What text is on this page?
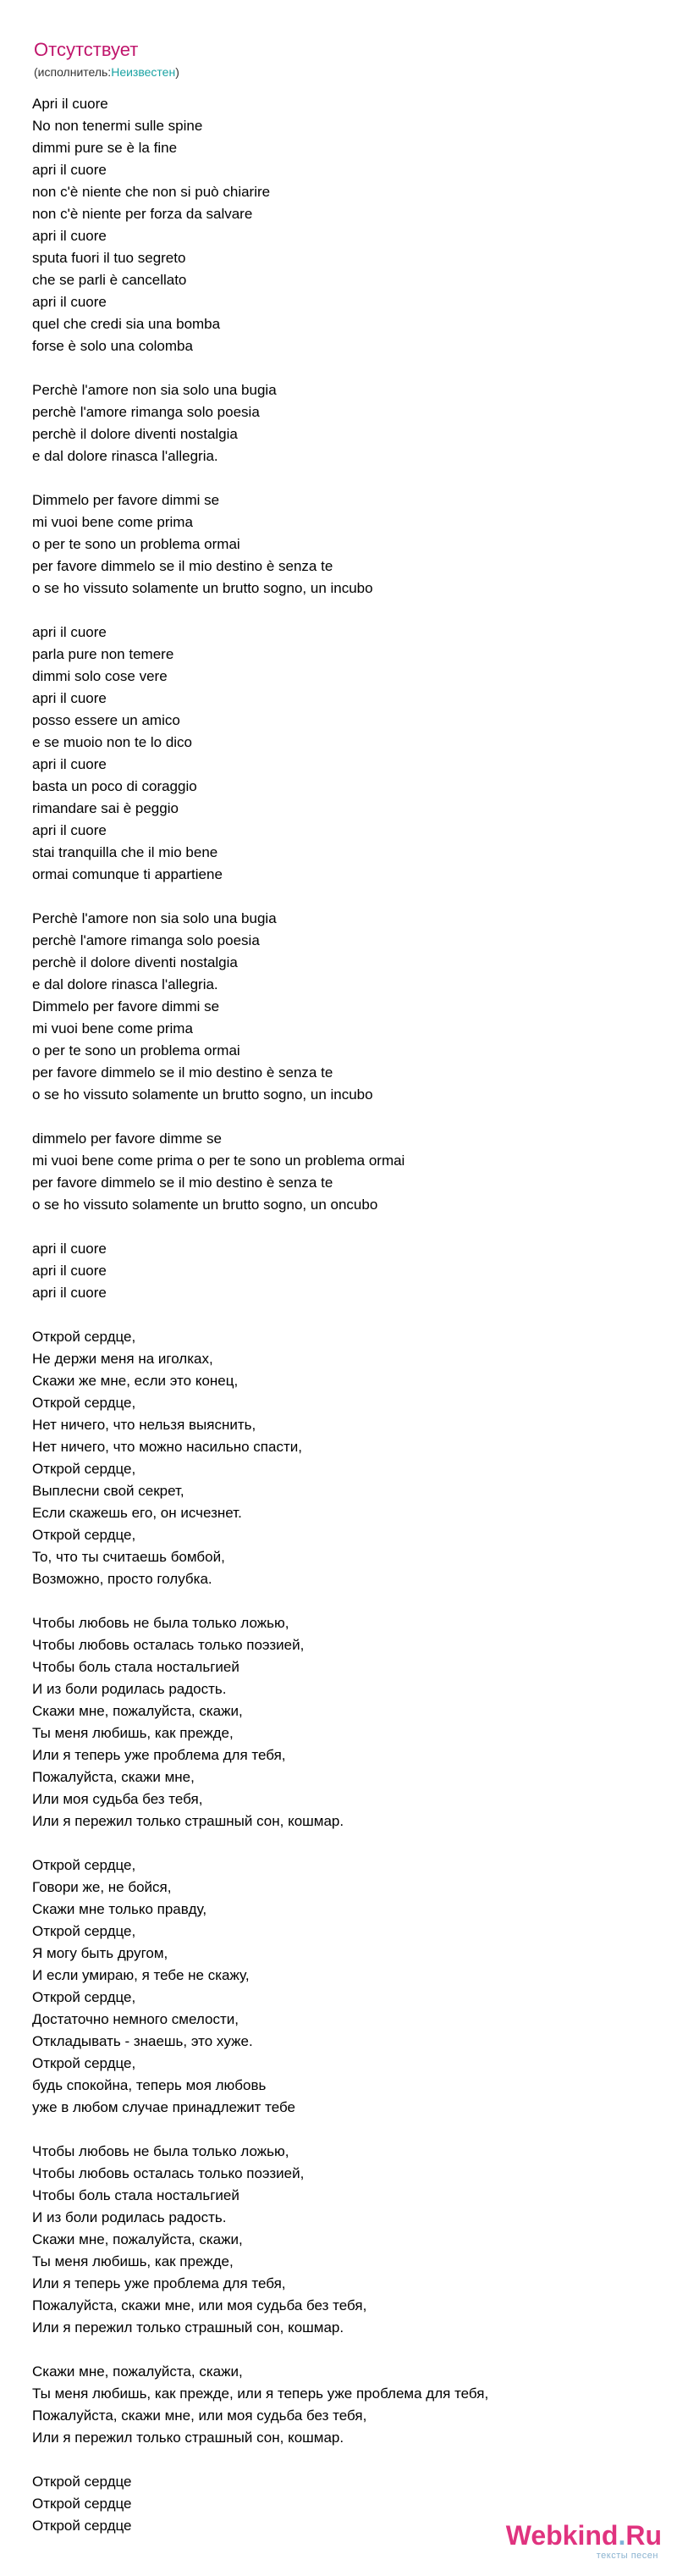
Отсутствует
(исполнитель:Неизвестен)
Apri il cuore
No non tenermi sulle spine
dimmi pure se è la fine
apri il cuore
non c'è niente che non si può chiarire
non c'è niente per forza da salvare
apri il cuore
sputa fuori il tuo segreto
che se parli è cancellato
apri il cuore
quel che credi sia una bomba
forse è solo una colomba
Perchè l'amore non sia solo una bugia
perchè l'amore rimanga solo poesia
perchè il dolore diventi nostalgia
e dal dolore rinasca l'allegria.
Dimmelo per favore dimmi se
mi vuoi bene come prima
o per te sono un problema ormai
per favore dimmelo se il mio destino è senza te
o se ho vissuto solamente un brutto sogno, un incubo
apri il cuore
parla pure non temere
dimmi solo cose vere
apri il cuore
posso essere un amico
e se muoio non te lo dico
apri il cuore
basta un poco di coraggio
rimandare sai è peggio
apri il cuore
stai tranquilla che il mio bene
ormai comunque ti appartiene
Perchè l'amore non sia solo una bugia
perchè l'amore rimanga solo poesia
perchè il dolore diventi nostalgia
e dal dolore rinasca l'allegria.
Dimmelo per favore dimmi se
mi vuoi bene come prima
o per te sono un problema ormai
per favore dimmelo se il mio destino è senza te
o se ho vissuto solamente un brutto sogno, un incubo
dimmelo per favore dimme se
mi vuoi bene come prima o per te sono un problema ormai
per favore dimmelo se il mio destino è senza te
o se ho vissuto solamente un brutto sogno, un oncubo
apri il cuore
apri il cuore
apri il cuore
Открой сердце,
Не держи меня на иголках,
Скажи же мне, если это конец,
Открой сердце,
Нет ничего, что нельзя выяснить,
Нет ничего, что можно насильно спасти,
Открой сердце,
Выплесни свой секрет,
Если скажешь его, он исчезнет.
Открой сердце,
То, что ты считаешь бомбой,
Возможно, просто голубка.
Чтобы любовь не была только ложью,
Чтобы любовь осталась только поэзией,
Чтобы боль стала ностальгией
И из боли родилась радость.
Скажи мне, пожалуйста, скажи,
Ты меня любишь, как прежде,
Или я теперь уже проблема для тебя,
Пожалуйста, скажи мне,
Или моя судьба без тебя,
Или я пережил только страшный сон, кошмар.
Открой сердце,
Говори же, не бойся,
Скажи мне только правду,
Открой сердце,
Я могу быть другом,
И если умираю, я тебе не скажу,
Открой сердце,
Достаточно немного смелости,
Откладывать - знаешь, это хуже.
Открой сердце,
будь спокойна, теперь моя любовь
уже в любом случае принадлежит тебе
Чтобы любовь не была только ложью,
Чтобы любовь осталась только поэзией,
Чтобы боль стала ностальгией
И из боли родилась радость.
Скажи мне, пожалуйста, скажи,
Ты меня любишь, как прежде,
Или я теперь уже проблема для тебя,
Пожалуйста, скажи мне, или моя судьба без тебя,
Или я пережил только страшный сон, кошмар.
Скажи мне, пожалуйста, скажи,
Ты меня любишь, как прежде, или я теперь уже проблема для тебя,
Пожалуйста, скажи мне, или моя судьба без тебя,
Или я пережил только страшный сон, кошмар.
Открой сердце
Открой сердце
Открой сердце	Webkind.Ru
тексты песен
